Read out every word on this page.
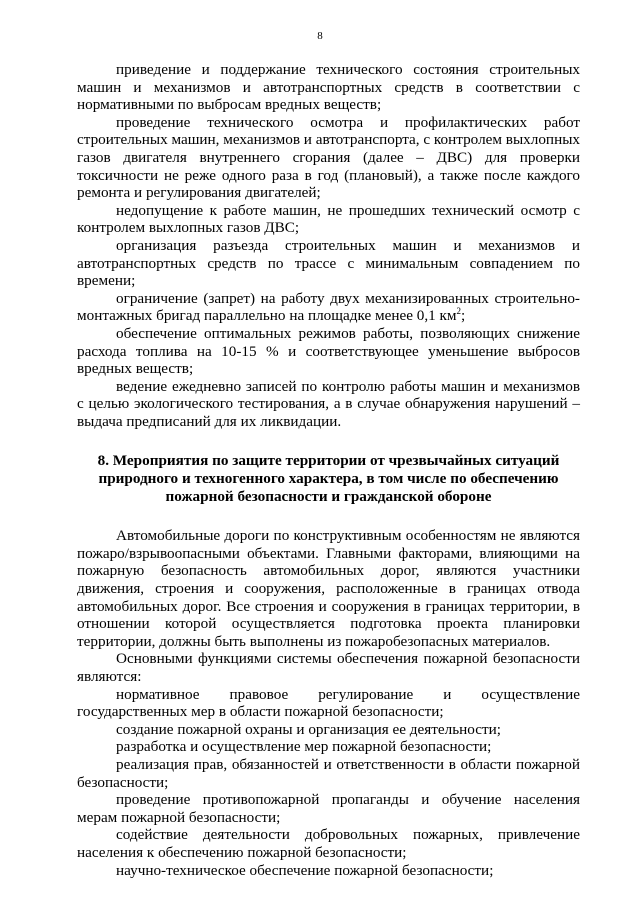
8

приведение и поддержание технического состояния строительных машин и механизмов и автотранспортных средств в соответствии с нормативными по выбросам вредных веществ;

проведение технического осмотра и профилактических работ строительных машин, механизмов и автотранспорта, с контролем выхлопных газов двигателя внутреннего сгорания (далее – ДВС) для проверки токсичности не реже одного раза в год (плановый), а также после каждого ремонта и регулирования двигателей;

недопущение к работе машин, не прошедших технический осмотр с контролем выхлопных газов ДВС;

организация разъезда строительных машин и механизмов и автотранспортных средств по трассе с минимальным совпадением по времени;

ограничение (запрет) на работу двух механизированных строительно-монтажных бригад параллельно на площадке менее 0,1 $км^2$;

обеспечение оптимальных режимов работы, позволяющих снижение расхода топлива на 10-15 % и соответствующее уменьшение выбросов вредных веществ;

ведение ежедневно записей по контролю работы машин и механизмов с целью экологического тестирования, а в случае обнаружения нарушений – выдача предписаний для их ликвидации.

8. Мероприятия по защите территории от чрезвычайных ситуаций природного и техногенного характера, в том числе по обеспечению пожарной безопасности и гражданской обороне

Автомобильные дороги по конструктивным особенностям не являются пожаро/взрывоопасными объектами. Главными факторами, влияющими на пожарную безопасность автомобильных дорог, являются участники движения, строения и сооружения, расположенные в границах отвода автомобильных дорог. Все строения и сооружения в границах территории, в отношении которой осуществляется подготовка проекта планировки территории, должны быть выполнены из пожаробезопасных материалов.

Основными функциями системы обеспечения пожарной безопасности являются:

нормативное правовое регулирование и осуществление государственных мер в области пожарной безопасности;

создание пожарной охраны и организация ее деятельности;

разработка и осуществление мер пожарной безопасности;

реализация прав, обязанностей и ответственности в области пожарной безопасности;

проведение противопожарной пропаганды и обучение населения мерам пожарной безопасности;

содействие деятельности добровольных пожарных, привлечение населения к обеспечению пожарной безопасности;

научно-техническое обеспечение пожарной безопасности;
